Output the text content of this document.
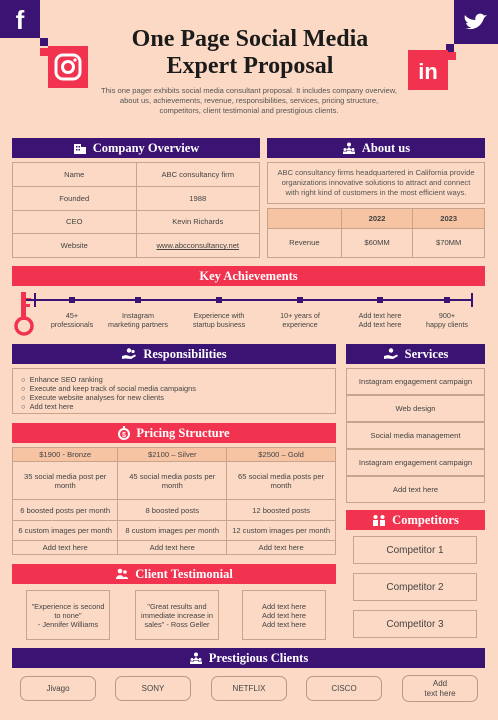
f
in
One Page Social Media
Expert Proposal
This one pager exhibits social media consultant proposal. It includes company overview, about us, achievements, revenue, responsibilities, services, pricing structure, competitors, client testimonial and prestigious clients.
Company Overview
Name	ABC consultancy firm
Founded	1988
CEO	Kevin Richards
Website	www.abcconsultancy.net
About us
ABC consultancy firms headquartered in California provide organizations innovative solutions to attract and connect with right kind of customers in the most efficient ways.
	2022	2023
Revenue	$60MM	$70MM
Key Achievements
45+
professionals
Instagram
marketing partners
Experience with
startup business
10+ years of
experience
Add text here
Add text here
900+
happy clients
Responsibilities
○  Enhance SEO ranking
○  Execute and keep track of social media campaigns
○  Execute website analyses for new clients
○  Add text here
Services
Instagram engagement campaign
Web design
Social media management
Instagram engagement campaign
Add text here
$ Pricing Structure
$1900 - Bronze	$2100 – Silver	$2500 – Gold
35 social media post per month	45 social media posts per month	65 social media posts per month
6 boosted posts per month	8 boosted posts	12 boosted posts
6 custom images per month	8 custom images per month	12 custom images per month
Add text here	Add text here	Add text here
Competitors
Competitor 1
Competitor 2
Competitor 3
Client Testimonial
"Experience is second
to none"
- Jennifer Williams
"Great results and
immediate increase in
sales" - Ross Geller
Add text here
Add text here
Add text here
Prestigious Clients
Jivago	SONY	NETFLIX	CISCO
Add
text here
